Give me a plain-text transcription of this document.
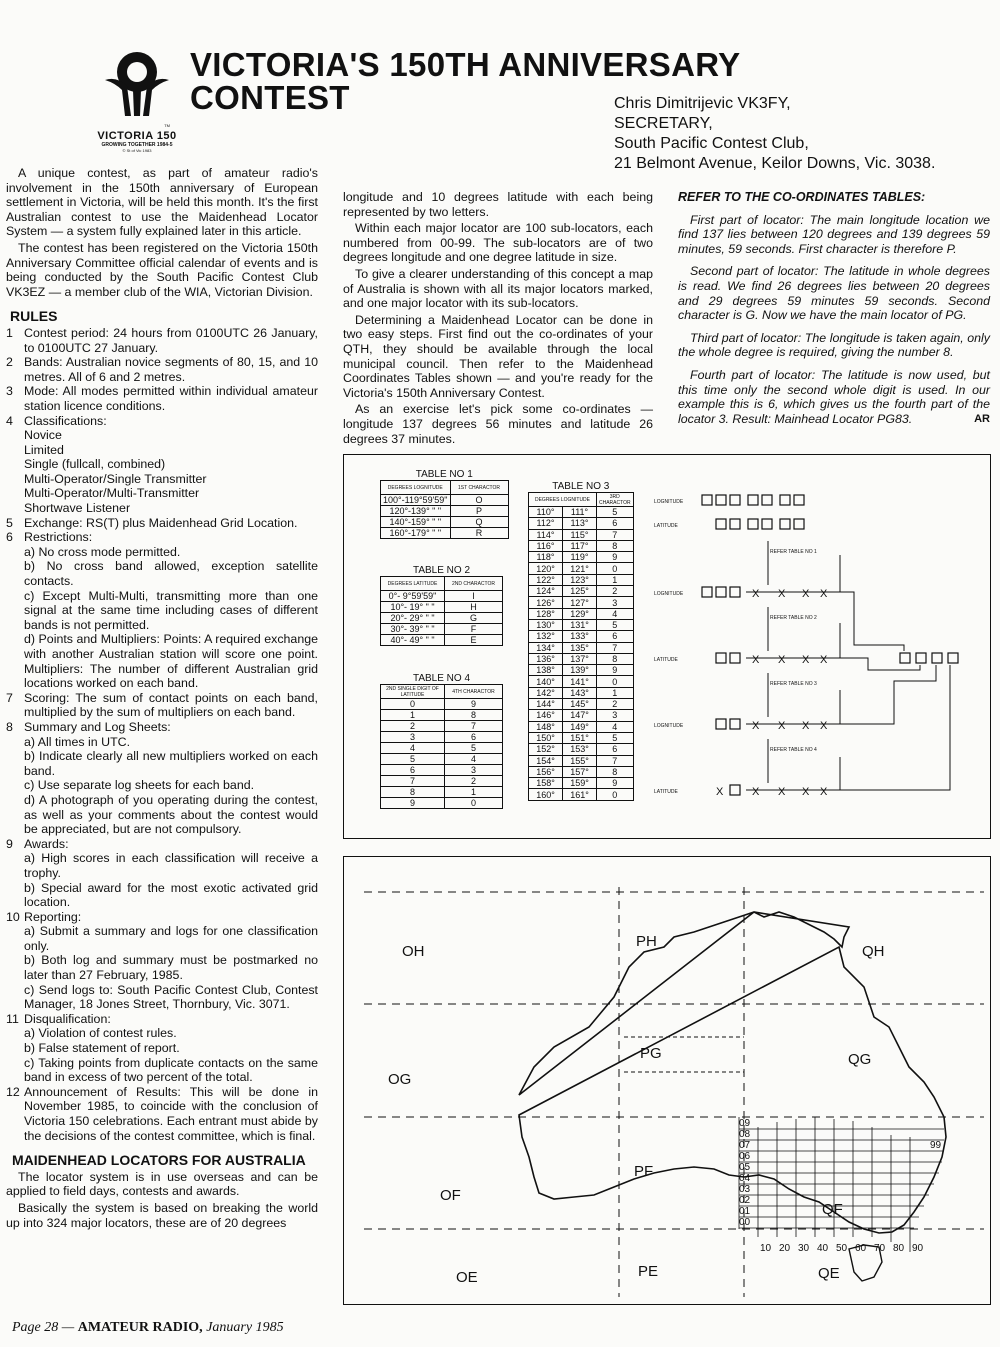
TM
VICTORIA 150
GROWING TOGETHER 1984-5
© St of Vic 1983
VICTORIA'S 150TH ANNIVERSARY
CONTEST	Chris Dimitrijevic VK3FY,
SECRETARY,
South Pacific Contest Club,
21 Belmont Avenue, Keilor Downs, Vic. 3038.

A unique contest, as part of amateur radio's involvement in the 150th anniversary of European settlement in Victoria, will be held this month. It's the first Australian contest to use the Maidenhead Locator System — a system fully explained later in this article.

The contest has been registered on the Victoria 150th Anniversary Committee official calendar of events and is being conducted by the South Pacific Contest Club VK3EZ — a member club of the WIA, Victorian Division.

RULES
1 Contest period: 24 hours from 0100UTC 26 January, to 0100UTC 27 January.
2 Bands: Australian novice segments of 80, 15, and 10 metres. All of 6 and 2 metres.
3 Mode: All modes permitted within individual amateur station licence conditions.
4 Classifications:
Novice
Limited
Single (fullcall, combined)
Multi-Operator/Single Transmitter
Multi-Operator/Multi-Transmitter
Shortwave Listener
5 Exchange: RS(T) plus Maidenhead Grid Location.
6 Restrictions:
a) No cross mode permitted.
b) No cross band allowed, exception satellite contacts.
c) Except Multi-Multi, transmitting more than one signal at the same time including cases of different bands is not permitted.
d) Points and Multipliers: Points: A required exchange with another Australian station will score one point. Multipliers: The number of different Australian grid locations worked on each band.
7 Scoring: The sum of contact points on each band, multiplied by the sum of multipliers on each band.
8 Summary and Log Sheets:
a) All times in UTC.
b) Indicate clearly all new multipliers worked on each band.
c) Use separate log sheets for each band.
d) A photograph of you operating during the contest, as well as your comments about the contest would be appreciated, but are not compulsory.
9 Awards:
a) High scores in each classification will receive a trophy.
b) Special award for the most exotic activated grid location.
10 Reporting:
a) Submit a summary and logs for one classification only.
b) Both log and summary must be postmarked no later than 27 February, 1985.
c) Send logs to: South Pacific Contest Club, Contest Manager, 18 Jones Street, Thornbury, Vic. 3071.
11 Disqualification:
a) Violation of contest rules.
b) False statement of report.
c) Taking points from duplicate contacts on the same band in excess of two percent of the total.
12 Announcement of Results: This will be done in November 1985, to coincide with the conclusion of Victoria 150 celebrations. Each entrant must abide by the decisions of the contest committee, which is final.
MAIDENHEAD LOCATORS FOR AUSTRALIA

The locator system is in use overseas and can be applied to field days, contests and awards.

Basically the system is based on breaking the world up into 324 major locators, these are of 20 degrees

longitude and 10 degrees latitude with each being represented by two letters.

Within each major locator are 100 sub-locators, each numbered from 00-99. The sub-locators are of two degrees longitude and one degree latitude in size.

To give a clearer understanding of this concept a map of Australia is shown with all its major locators marked, and one major locator with its sub-locators.

Determining a Maidenhead Locator can be done in two easy steps. First find out the co-ordinates of your QTH, they should be available through the local municipal council. Then refer to the Maidenhead Coordinates Tables shown — and you're ready for the Victoria's 150th Anniversary Contest.

As an exercise let's pick some co-ordinates — longitude 137 degrees 56 minutes and latitude 26 degrees 37 minutes.

REFER TO THE CO-ORDINATES TABLES:

First part of locator: The main longitude location we find 137 lies between 120 degrees and 139 degrees 59 minutes, 59 seconds. First character is therefore P.

Second part of locator: The latitude in whole degrees is read. We find 26 degrees lies between 20 degrees and 29 degrees 59 minutes 59 seconds. Second character is G. Now we have the main locator of PG.

Third part of locator: The longitude is taken again, only the whole degree is required, giving the number 8.

Fourth part of locator: The latitude is now used, but this time only the second whole digit is used. In our example this is 6, which gives us the fourth part of the locator 3. Result: Mainhead Locator PG83.	AR

TABLE NO 1
DEGREES LOGNITUDE	1ST CHARACTOR
100°-119°59'59"	O
120°-139° " "	P
140°-159° " "	Q
160°-179° " "	R
TABLE NO 2
DEGREES LATITUDE	2ND CHARACTOR
0°- 9°59'59"	I
10°- 19° " "	H
20°- 29° " "	G
30°- 39° " "	F
40°- 49° " "	E
TABLE NO 4
2ND SINGLE DIGIT OF LATITUDE	4TH CHARACTOR
0	9
1	8
2	7
3	6
4	5
5	4
6	3
7	2
8	1
9	0
TABLE NO 3
DEGREES LOGNITUDE		3RD CHARACTOR
110°	111°	5
112°	113°	6
114°	115°	7
116°	117°	8
118°	119°	9
120°	121°	0
122°	123°	1
124°	125°	2
126°	127°	3
128°	129°	4
130°	131°	5
132°	133°	6
134°	135°	7
136°	137°	8
138°	139°	9
140°	141°	0
142°	143°	1
144°	145°	2
146°	147°	3
148°	149°	4
150°	151°	5
152°	153°	6
154°	155°	7
156°	157°	8
158°	159°	9
160°	161°	0
LOGNITUDE
LATITUDE
REFER TABLE NO 1
LOGNITUDE
REFER TABLE NO 2
LATITUDE
REFER TABLE NO 3
LOGNITUDE
REFER TABLE NO 4
LATITUDE
X X X X
X X X X
X X X X
X	X X X X
OH
PH
QH
OG
PG	QG
OF
PF
QF
OE	PE	QE
09
08
07
06
05
04
03
02
01
00
10 20 30 40 50 60 70 80 90
99
Page 28 — AMATEUR RADIO, January 1985
